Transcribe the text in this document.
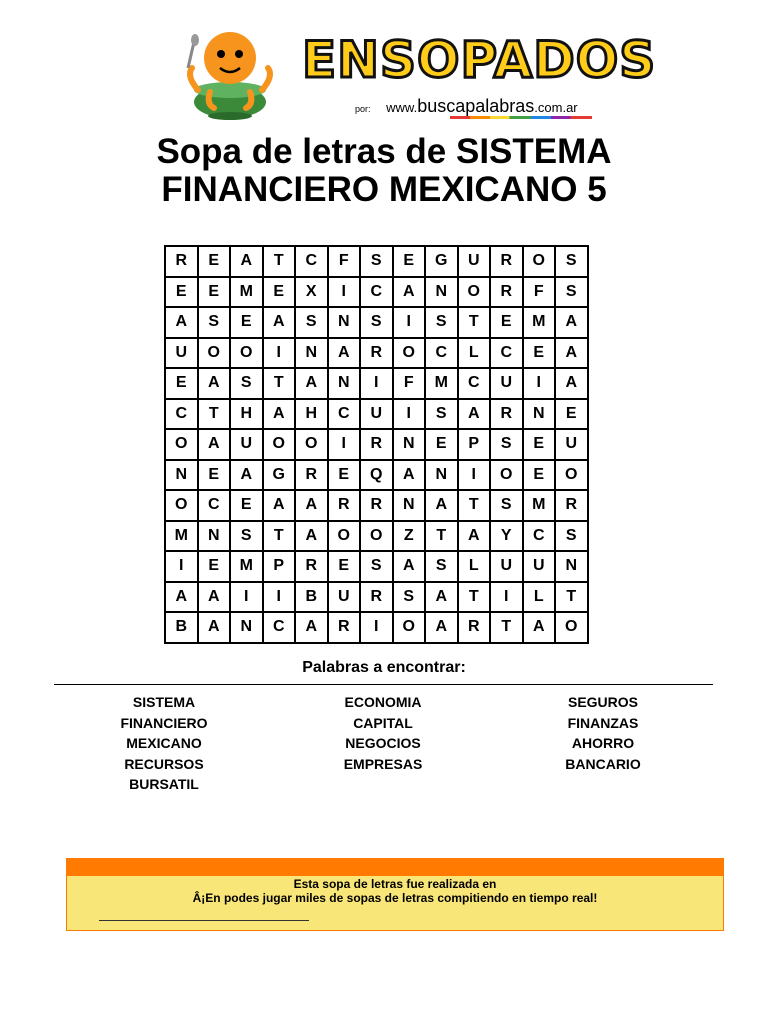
ENSOPADOS
por: www.buscapalabras.com.ar
Sopa de letras de SISTEMA
FINANCIERO MEXICANO 5
R	E	A	T	C	F	S	E	G	U	R	O	S
E	E	M	E	X	I	C	A	N	O	R	F	S
A	S	E	A	S	N	S	I	S	T	E	M	A
U	O	O	I	N	A	R	O	C	L	C	E	A
E	A	S	T	A	N	I	F	M	C	U	I	A
C	T	H	A	H	C	U	I	S	A	R	N	E
O	A	U	O	O	I	R	N	E	P	S	E	U
N	E	A	G	R	E	Q	A	N	I	O	E	O
O	C	E	A	A	R	R	N	A	T	S	M	R
M	N	S	T	A	O	O	Z	T	A	Y	C	S
I	E	M	P	R	E	S	A	S	L	U	U	N
A	A	I	I	B	U	R	S	A	T	I	L	T
B	A	N	C	A	R	I	O	A	R	T	A	O
Palabras a encontrar:
SISTEMA
FINANCIERO
MEXICANO
RECURSOS
BURSATIL
ECONOMIA
CAPITAL
NEGOCIOS
EMPRESAS
SEGUROS
FINANZAS
AHORRO
BANCARIO
Esta sopa de letras fue realizada en
Â¡En podes jugar miles de sopas de letras compitiendo en tiempo real!
